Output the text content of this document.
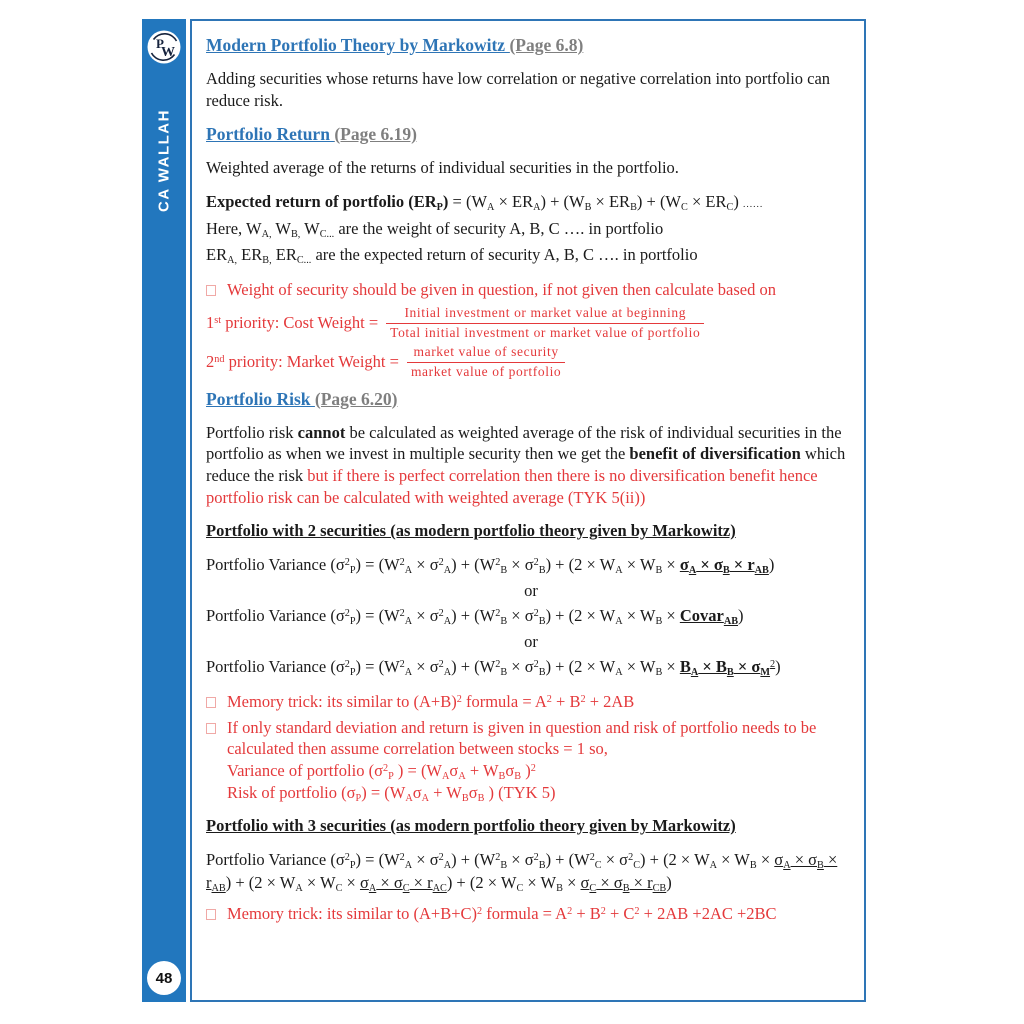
P
W
CA WALLAH
48
Modern Portfolio Theory by Markowitz (Page 6.8)

Adding securities whose returns have low correlation or negative correlation into portfolio can reduce risk.

Portfolio Return (Page 6.19)

Weighted average of the returns of individual securities in the portfolio.

Expected return of portfolio $(ER_P) = (W_A \times ER_A) + (W_B \times ER_B) + (W_C \times ER_C)$ ......
Here, $W_{A,}$ $W_{B,}$ $W_{C...}$ are the weight of security A, B, C …. in portfolio
$ER_{A,}$ $ER_{B,}$ $ER_{C...}$ are the expected return of security A, B, C …. in portfolio
Weight of security should be given in question, if not given then calculate based on
1st priority: Cost Weight = $\frac{\text{Initial investment or market value at beginning}}{\text{Total initial investment or market value of portfolio}}$
2nd priority: Market Weight = $\frac{\text{market value of security}}{\text{market value of portfolio}}$
Portfolio Risk (Page 6.20)

Portfolio risk cannot be calculated as weighted average of the risk of individual securities in the portfolio as when we invest in multiple security then we get the benefit of diversification which reduce the risk but if there is perfect correlation then there is no diversification benefit hence portfolio risk can be calculated with weighted average (TYK 5(ii))

Portfolio with 2 securities (as modern portfolio theory given by Markowitz)
Portfolio Variance $(\sigma^2_P) = (W^2_A \times \sigma^2_A) + (W^2_B \times \sigma^2_B) + (2 \times W_A \times W_B \times \sigma_A \times \sigma_B \times r_{AB})$
or
Portfolio Variance $(\sigma^2_P) = (W^2_A \times \sigma^2_A) + (W^2_B \times \sigma^2_B) + (2 \times W_A \times W_B$ × Covar$_{AB}$)
or
Portfolio Variance $(\sigma^2_P) = (W^2_A \times \sigma^2_A) + (W^2_B \times \sigma^2_B) + (2 \times W_A \times W_B \times B_A \times B_B \times \sigma_M^2)$
Memory trick: its similar to $(A+B)^2$ formula = $A^2 + B^2 + 2AB$
If only standard deviation and return is given in question and risk of portfolio needs to be calculated then assume correlation between stocks = 1 so,
Variance of portfolio ($\sigma^2_P$ ) = ($W_A\sigma_A + W_B\sigma_B$ )$^2$
Risk of portfolio $(\sigma_P) = (W_A\sigma_A + W_B\sigma_B$ ) (TYK 5)
Portfolio with 3 securities (as modern portfolio theory given by Markowitz)
Portfolio Variance $(\sigma^2_P) = (W^2_A \times \sigma^2_A) + (W^2_B \times \sigma^2_B) + (W^2_C \times \sigma^2_C) + (2 \times W_A \times W_B \times \sigma_A \times \sigma_B \times r_{AB}) + (2 \times W_A \times W_C \times \sigma_A \times \sigma_C \times r_{AC}) + (2 \times W_C \times W_B \times \sigma_C \times \sigma_B \times r_{CB})$
Memory trick: its similar to $(A+B+C)^2$ formula = $A^2 + B^2 + C^2 + 2AB +2AC +2BC$
